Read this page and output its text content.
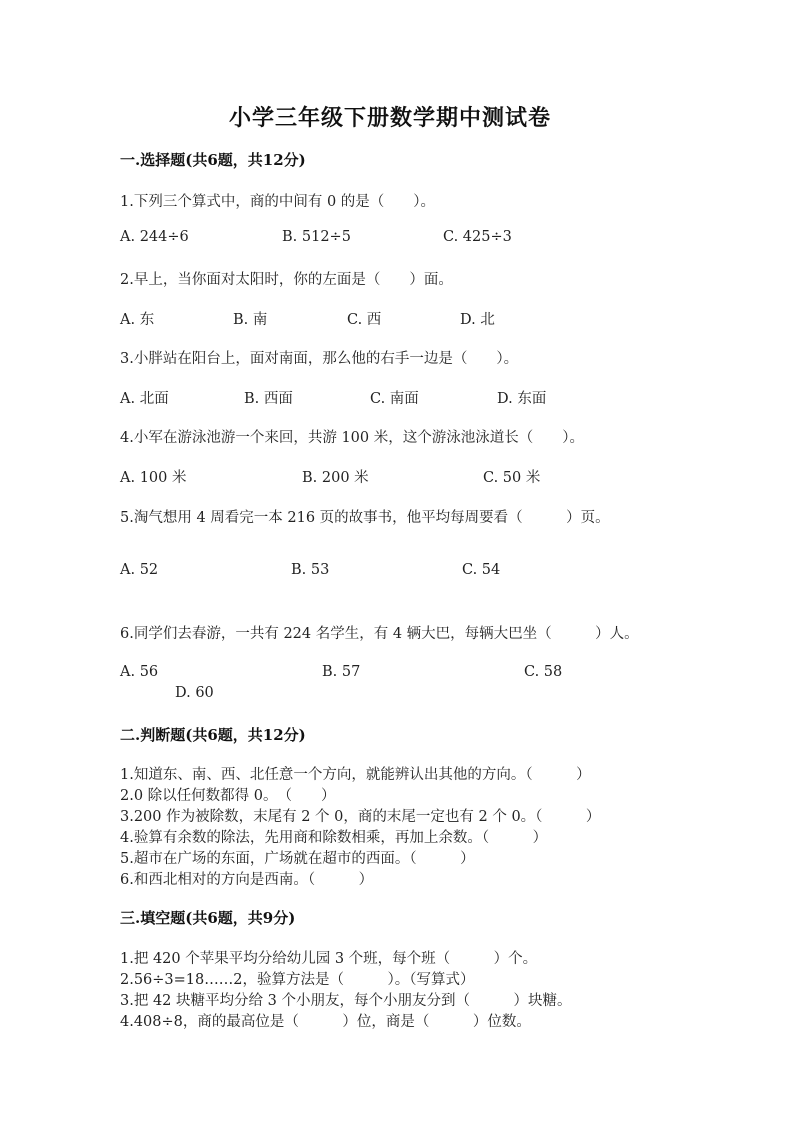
小学三年级下册数学期中测试卷
一.选择题(共6题，共12分)
1.下列三个算式中，商的中间有 0 的是（　　）。
A. 244÷6	B. 512÷5	C. 425÷3
2.早上，当你面对太阳时，你的左面是（　　）面。
A. 东	B. 南	C. 西	D. 北
3.小胖站在阳台上，面对南面，那么他的右手一边是（　　）。
A. 北面	B. 西面	C. 南面	D. 东面
4.小军在游泳池游一个来回，共游 100 米，这个游泳池泳道长（　　）。
A. 100 米	B. 200 米	C. 50 米
5.淘气想用 4 周看完一本 216 页的故事书，他平均每周要看（　　　）页。
A. 52	B. 53	C. 54
6.同学们去春游，一共有 224 名学生，有 4 辆大巴，每辆大巴坐（　　　）人。
A. 56	B. 57	C. 58
D. 60
二.判断题(共6题，共12分)
1.知道东、南、西、北任意一个方向，就能辨认出其他的方向。（　　　）
2.0 除以任何数都得 0。　（　　）
3.200 作为被除数，末尾有 2 个 0，商的末尾一定也有 2 个 0。（　　　）
4.验算有余数的除法，先用商和除数相乘，再加上余数。（　　　）
5.超市在广场的东面，广场就在超市的西面。（　　　）
6.和西北相对的方向是西南。（　　　）
三.填空题(共6题，共9分)
1.把 420 个苹果平均分给幼儿园 3 个班，每个班（　　　）个。
2.56÷3=18……2，验算方法是（　　　）。（写算式）
3.把 42 块糖平均分给 3 个小朋友，每个小朋友分到（　　　）块糖。
4.408÷8，商的最高位是（　　　）位，商是（　　　）位数。
